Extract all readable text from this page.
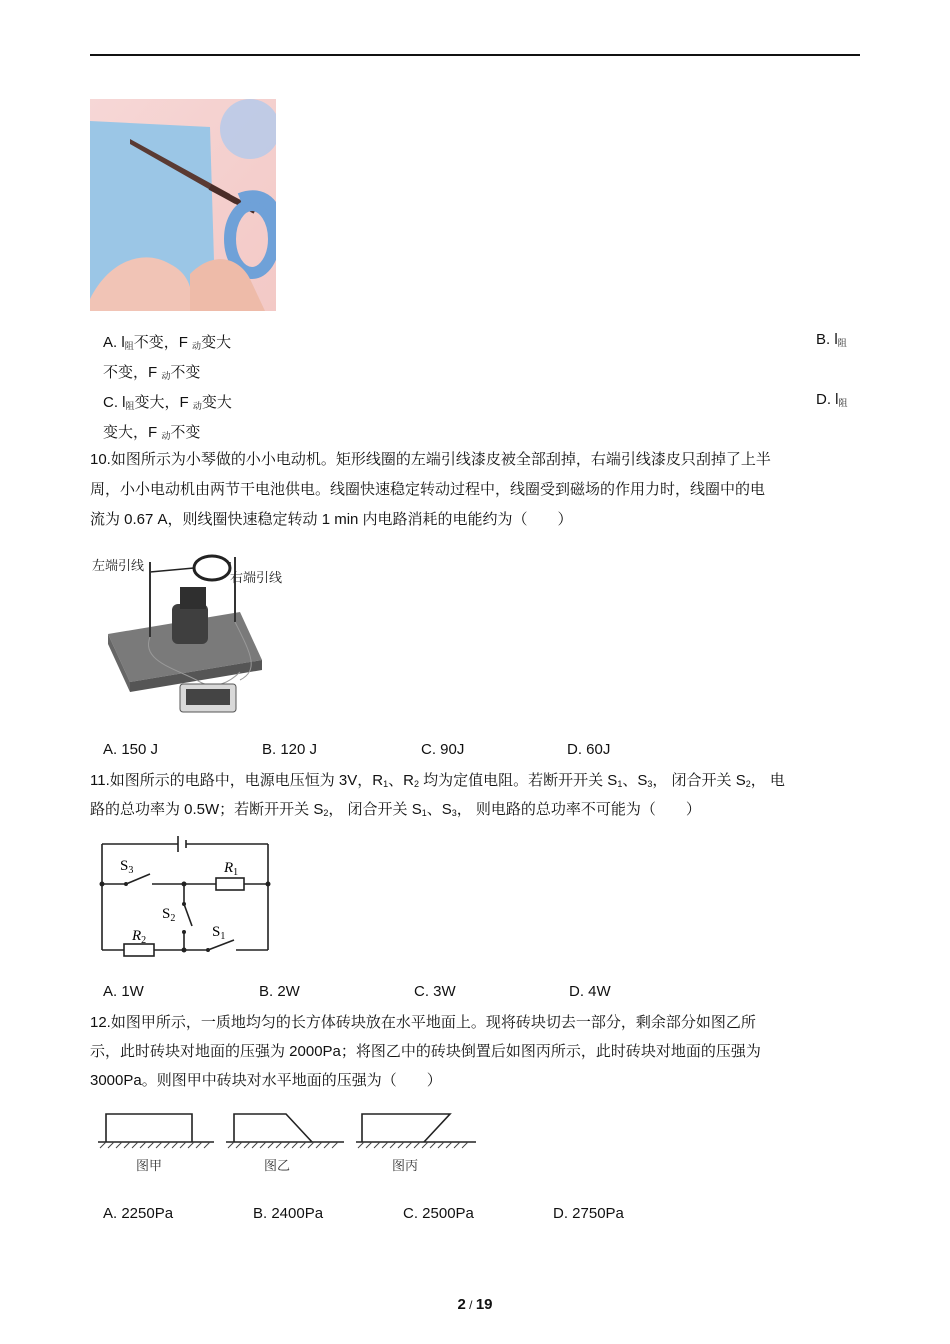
A. $l_阻$不变，F $_动$变大	B. $l_阻$
不变，F $_动$不变
C. $l_阻$变大，F $_动$变大	D. $l_阻$
变大，F $_动$不变
10.如图所示为小琴做的小小电动机。矩形线圈的左端引线漆皮被全部刮掉，右端引线漆皮只刮掉了上半
周，小小电动机由两节干电池供电。线圈快速稳定转动过程中，线圈受到磁场的作用力时，线圈中的电
流为 0.67 A，则线圈快速稳定转动 1 min 内电路消耗的电能约为（　　）
左端引线
右端引线
A. 150 J	B. 120 J	C. 90J	D. 60J
11.如图所示的电路中，电源电压恒为 3V，$R_1$、$R_2$ 均为定值电阻。若断开开关 $S_1$、$S_3$， 闭合开关 $S_2$， 电
路的总功率为 0.5W；若断开开关 $S_2$， 闭合开关 $S_1$、$S_3$， 则电路的总功率不可能为（　　）
$S_3$	$R_1$
$S_2$
$R_2$
$S_1$
A. 1W	B. 2W	C. 3W	D. 4W
12.如图甲所示，一质地均匀的长方体砖块放在水平地面上。现将砖块切去一部分，剩余部分如图乙所
示，此时砖块对地面的压强为 2000Pa；将图乙中的砖块倒置后如图丙所示，此时砖块对地面的压强为
3000Pa。则图甲中砖块对水平地面的压强为（　　）
图甲	图乙	图丙
A. 2250Pa	B. 2400Pa	C. 2500Pa	D. 2750Pa
2 / 19
